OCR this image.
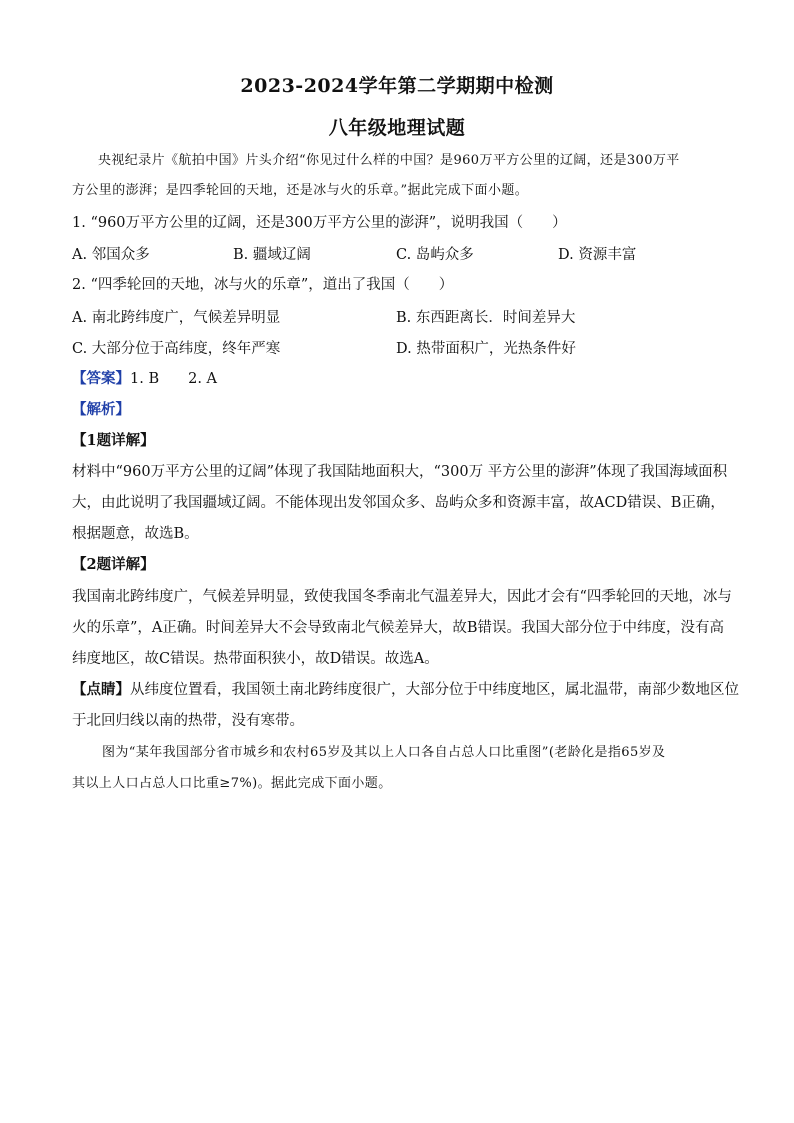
2023-2024学年第二学期期中检测
八年级地理试题
央视纪录片《航拍中国》片头介绍“你见过什么样的中国？是960万平方公里的辽阔，还是300万平
方公里的澎湃；是四季轮回的天地，还是冰与火的乐章。”据此完成下面小题。
1. “960万平方公里的辽阔，还是300万平方公里的澎湃”，说明我国（　　）
A. 邻国众多	B. 疆域辽阔	C. 岛屿众多	D. 资源丰富
2. “四季轮回的天地，冰与火的乐章”，道出了我国（　　）
A. 南北跨纬度广，气候差异明显	B. 东西距离长．时间差异大
C. 大部分位于高纬度，终年严寒	D. 热带面积广，光热条件好
【答案】1. B　　2. A
【解析】
【1题详解】
材料中“960万平方公里的辽阔”体现了我国陆地面积大，“300万 平方公里的澎湃”体现了我国海域面积
大，由此说明了我国疆域辽阔。不能体现出发邻国众多、岛屿众多和资源丰富，故ACD错误、B正确，
根据题意，故选B。
【2题详解】
我国南北跨纬度广，气候差异明显，致使我国冬季南北气温差异大，因此才会有“四季轮回的天地，冰与
火的乐章”，A正确。时间差异大不会导致南北气候差异大，故B错误。我国大部分位于中纬度，没有高
纬度地区，故C错误。热带面积狭小，故D错误。故选A。
【点睛】从纬度位置看，我国领土南北跨纬度很广，大部分位于中纬度地区，属北温带，南部少数地区位
于北回归线以南的热带，没有寒带。
图为“某年我国部分省市城乡和农村65岁及其以上人口各自占总人口比重图”(老龄化是指65岁及
其以上人口占总人口比重≥7%)。据此完成下面小题。
